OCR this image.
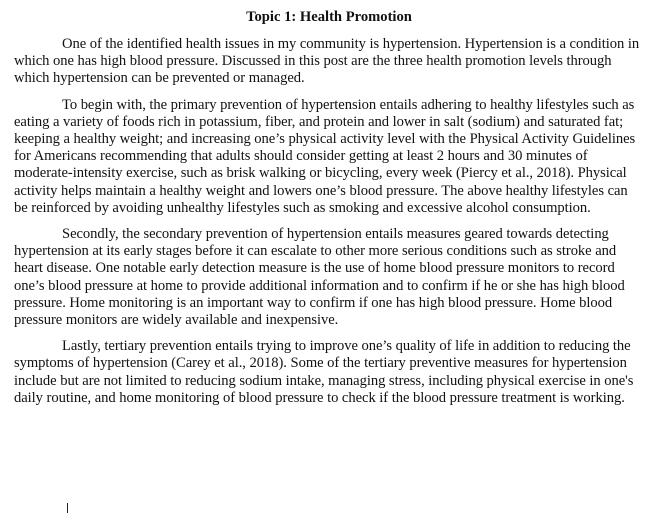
Topic 1: Health Promotion

One of the identified health issues in my community is hypertension. Hypertension is a condition in which one has high blood pressure. Discussed in this post are the three health promotion levels through which hypertension can be prevented or managed.

To begin with, the primary prevention of hypertension entails adhering to healthy lifestyles such as eating a variety of foods rich in potassium, fiber, and protein and lower in salt (sodium) and saturated fat; keeping a healthy weight; and increasing one’s physical activity level with the Physical Activity Guidelines for Americans recommending that adults should consider getting at least 2 hours and 30 minutes of moderate-intensity exercise, such as brisk walking or bicycling, every week (Piercy et al., 2018). Physical activity helps maintain a healthy weight and lowers one’s blood pressure. The above healthy lifestyles can be reinforced by avoiding unhealthy lifestyles such as smoking and excessive alcohol consumption.

Secondly, the secondary prevention of hypertension entails measures geared towards detecting hypertension at its early stages before it can escalate to other more serious conditions such as stroke and heart disease. One notable early detection measure is the use of home blood pressure monitors to record one’s blood pressure at home to provide additional information and to confirm if he or she has high blood pressure. Home monitoring is an important way to confirm if one has high blood pressure. Home blood pressure monitors are widely available and inexpensive.

Lastly, tertiary prevention entails trying to improve one’s quality of life in addition to reducing the symptoms of hypertension (Carey et al., 2018). Some of the tertiary preventive measures for hypertension include but are not limited to reducing sodium intake, managing stress, including physical exercise in one's daily routine, and home monitoring of blood pressure to check if the blood pressure treatment is working.
